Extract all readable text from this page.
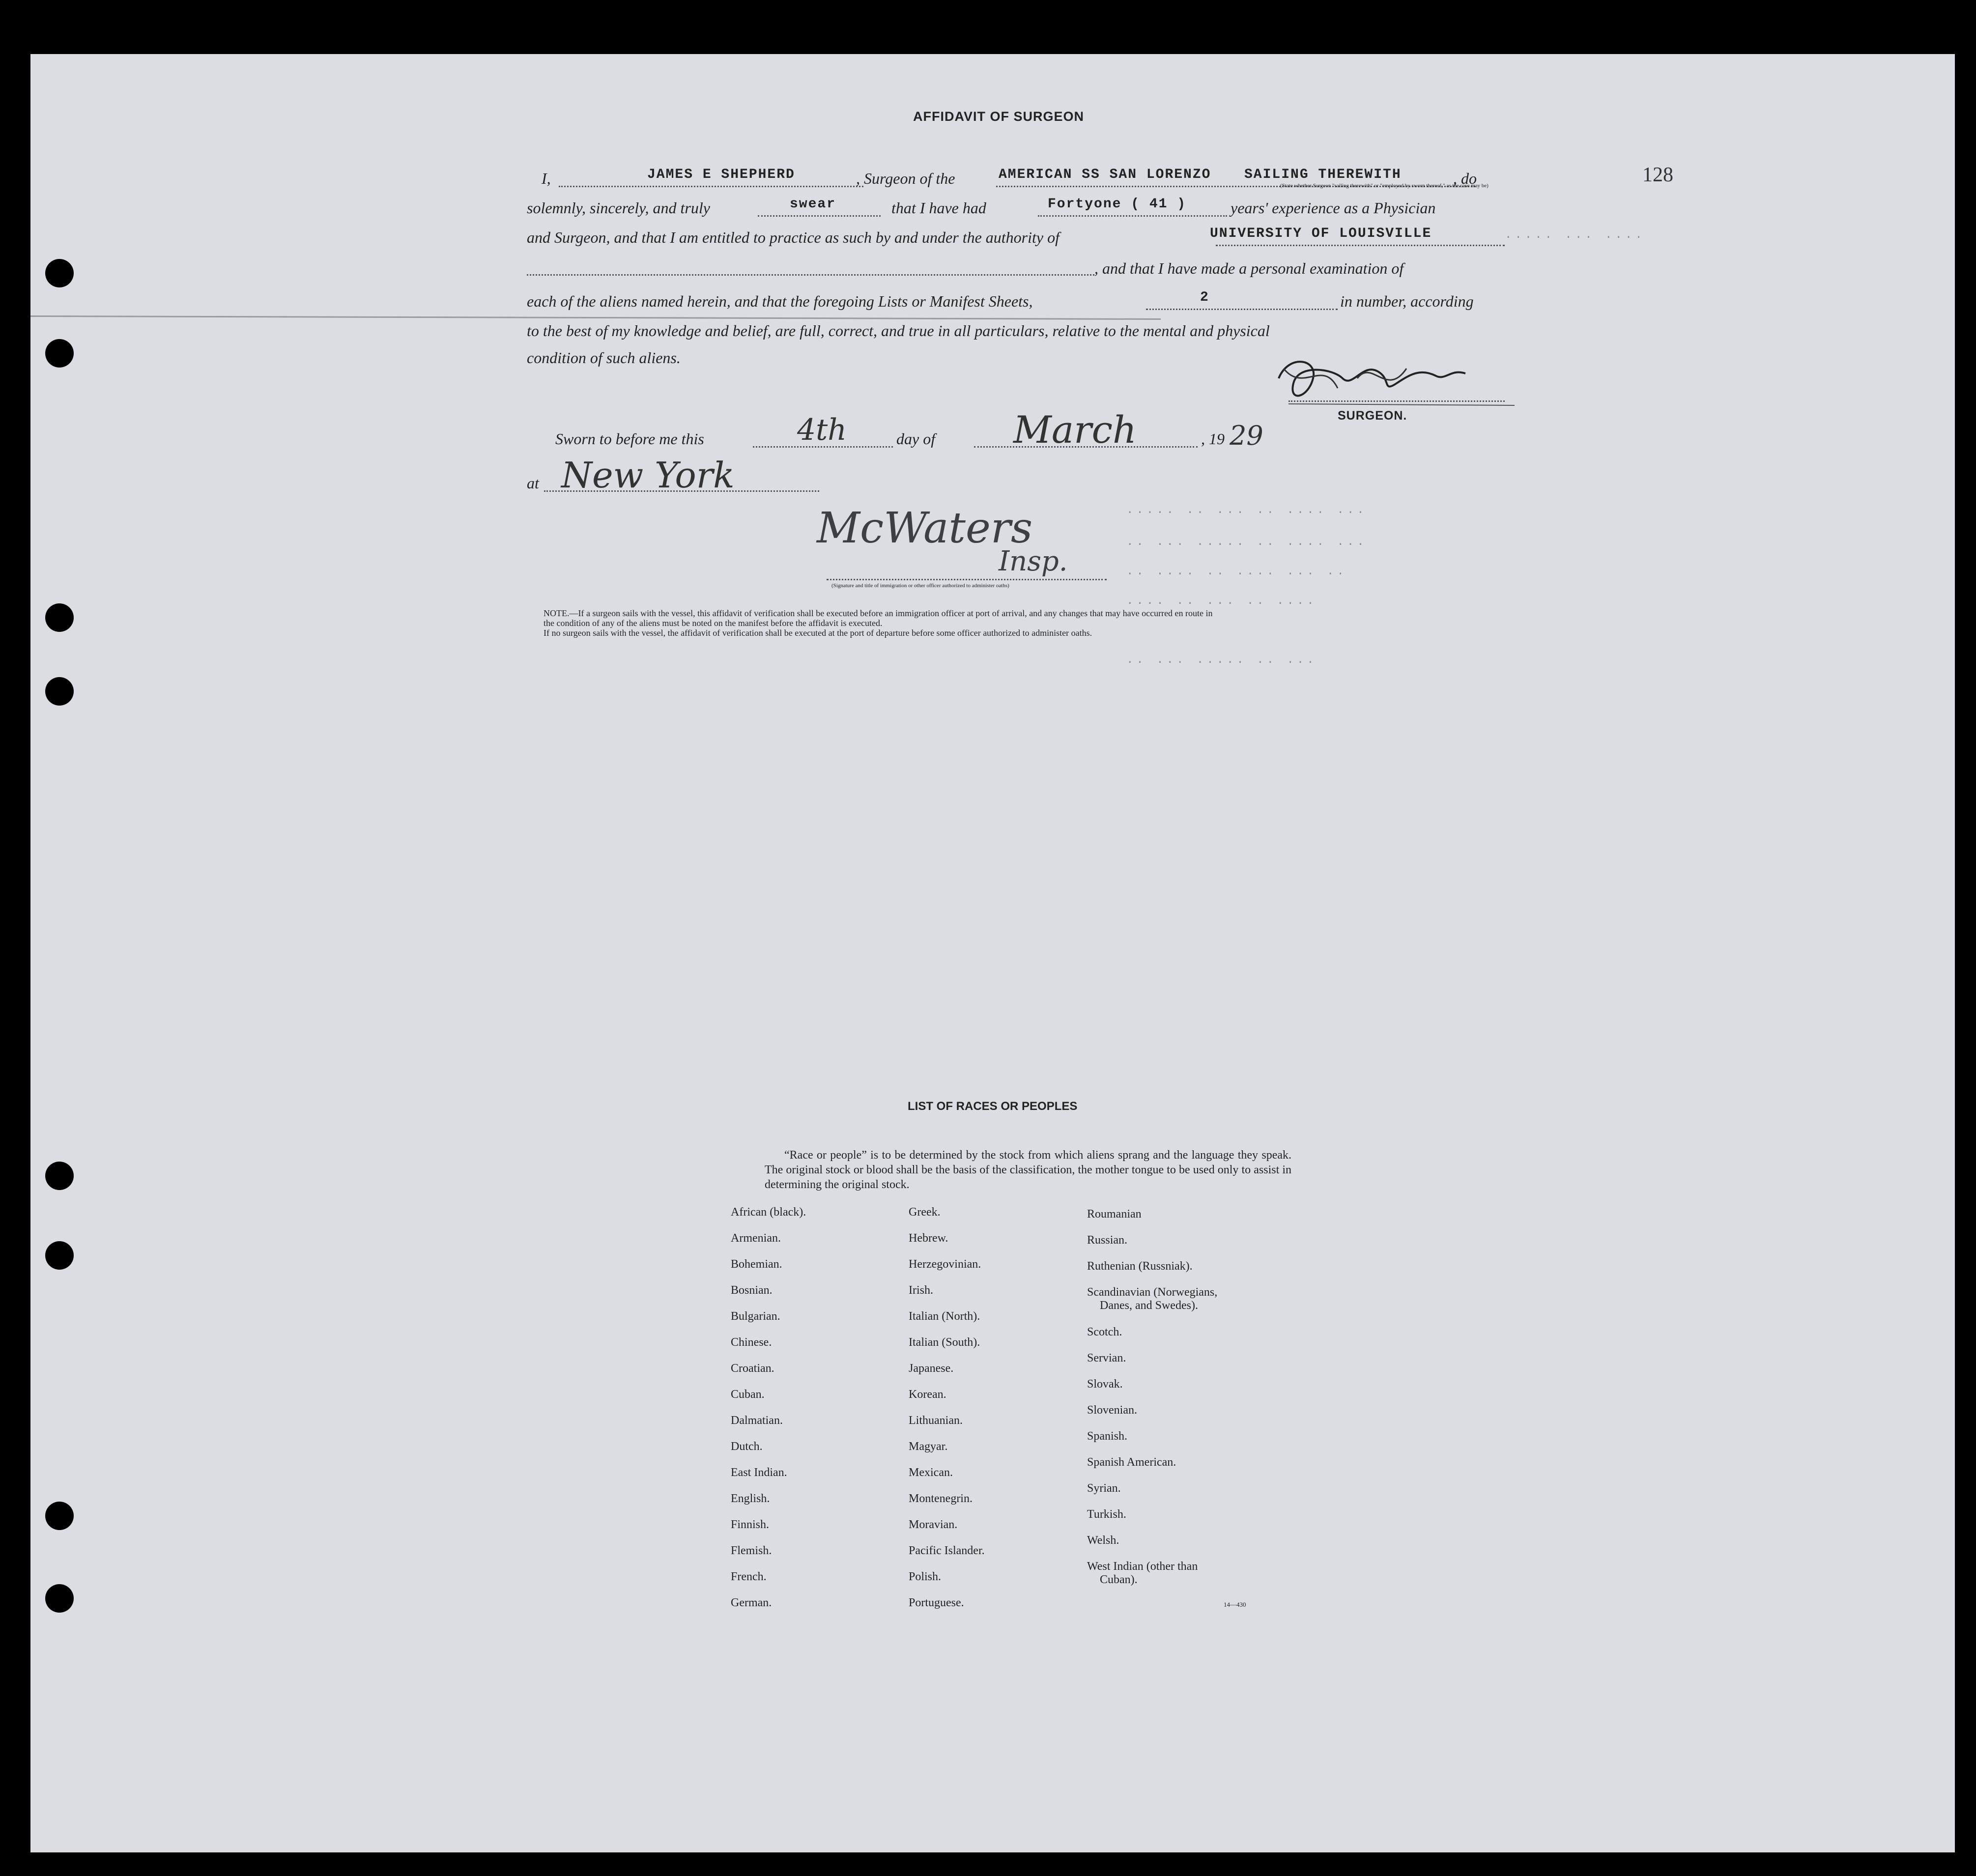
128
····· ··· ····
····· ·· ··· ·· ···· ···
·· ··· ····· ·· ···· ···
·· ···· ·· ···· ··· ··
···· ·· ··· ·· ····
·· ··· ····· ·· ···
AFFIDAVIT OF SURGEON
I,	JAMES E SHEPHERD	, Surgeon of the	AMERICAN SS SAN LORENZO SAILING THEREWITH	, do
(State whether Surgeon "sailing therewith" or "employed by sworn thereof," as the case may be)
solemnly, sincerely, and truly	swear	that I have had	Fortyone ( 41 )	years' experience as a Physician
and Surgeon, and that I am entitled to practice as such by and under the authority of	UNIVERSITY OF LOUISVILLE
, and that I have made a personal examination of
each of the aliens named herein, and that the foregoing Lists or Manifest Sheets,	2	in number, according
to the best of my knowledge and belief, are full, correct, and true in all particulars, relative to the mental and physical
condition of such aliens.
SURGEON.
Sworn to before me this	4th	day of March	, 19 29
at New York
McWaters
Insp.
(Signature and title of immigration or other officer authorized to administer oaths)
NOTE.—If a surgeon sails with the vessel, this affidavit of verification shall be executed before an immigration officer at port of arrival, and any changes that may have occurred en route in
the condition of any of the aliens must be noted on the manifest before the affidavit is executed.
If no surgeon sails with the vessel, the affidavit of verification shall be executed at the port of departure before some officer authorized to administer oaths.
LIST OF RACES OR PEOPLES
“Race or people” is to be determined by the stock from which aliens sprang and the language they speak. The original stock or blood shall be the basis of the classification, the mother tongue to be used only to assist in determining the original stock.
African (black).
Armenian.
Bohemian.
Bosnian.
Bulgarian.
Chinese.
Croatian.
Cuban.
Dalmatian.
Dutch.
East Indian.
English.
Finnish.
Flemish.
French.
German.
Greek.
Hebrew.
Herzegovinian.
Irish.
Italian (North).
Italian (South).
Japanese.
Korean.
Lithuanian.
Magyar.
Mexican.
Montenegrin.
Moravian.
Pacific Islander.
Polish.
Portuguese.
Roumanian
Russian.
Ruthenian (Russniak).
Scandinavian (Norwegians,
Danes, and Swedes).
Scotch.
Servian.
Slovak.
Slovenian.
Spanish.
Spanish American.
Syrian.
Turkish.
Welsh.
West Indian (other than
Cuban).
14—430
